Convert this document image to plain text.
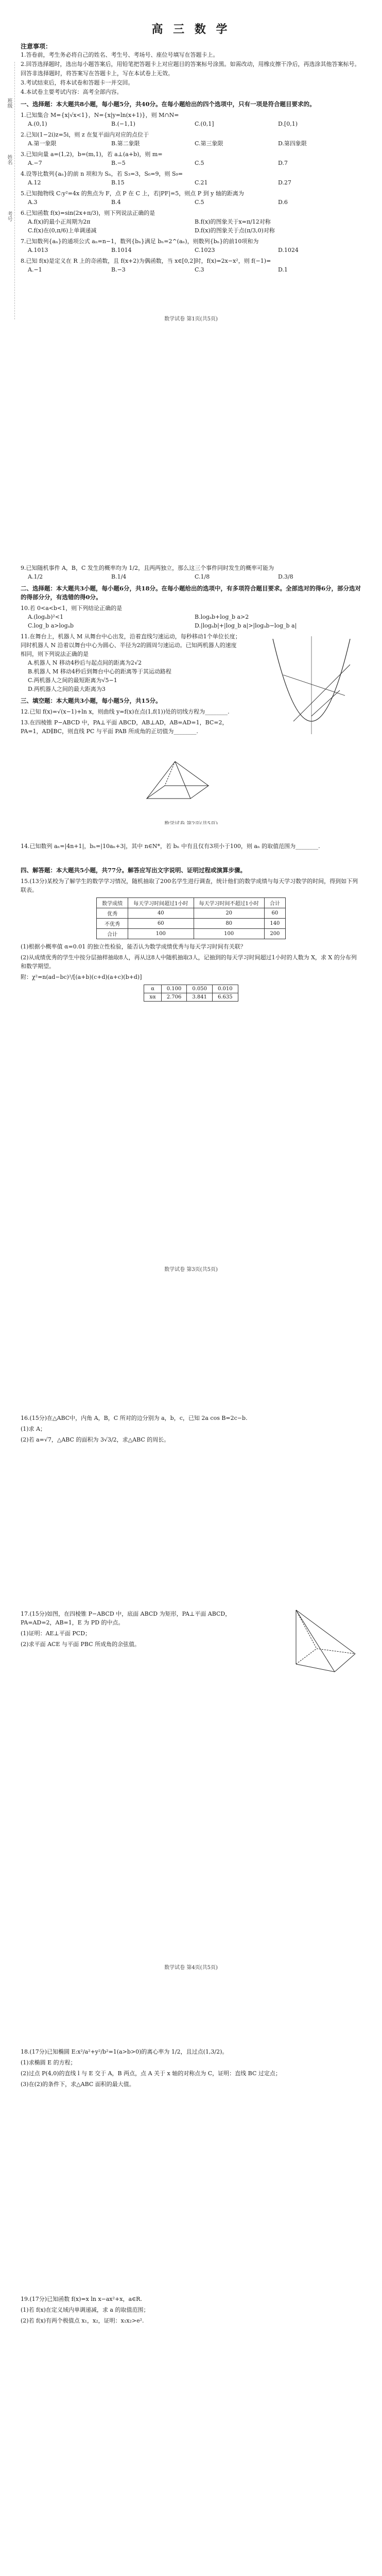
班级
姓名
考号
高 三 数 学
注意事项：
1.答卷前，考生务必将自己的姓名、考生号、考场号、座位号填写在答题卡上。
2.回答选择题时，选出每小题答案后，用铅笔把答题卡上对应题目的答案标号涂黑。如需改动，用橡皮擦干净后，再选涂其他答案标号。回答非选择题时，将答案写在答题卡上，写在本试卷上无效。
3.考试结束后，将本试卷和答题卡一并交回。
4.本试卷主要考试内容：高考全部内容。
一、选择题：本大题共8小题，每小题5分，共40分。在每小题给出的四个选项中，只有一项是符合题目要求的。
1.已知集合 M={x|√x<1}，N={x|y=ln(x+1)}，则 M∩N=
A.(0,1)	B.(−1,1)	C.(0,1]	D.[0,1)
2.已知(1−2i)z=5i，则 z 在复平面内对应的点位于
A.第一象限	B.第二象限	C.第三象限	D.第四象限
3.已知向量 a=(1,2)，b=(m,1)，若 a⊥(a+b)，则 m=
A.−7	B.−5	C.5	D.7
4.设等比数列{aₙ}的前 n 项和为 Sₙ，若 S₃=3，S₆=9，则 S₉=
A.12	B.15	C.21	D.27
5.已知抛物线 C:y²=4x 的焦点为 F，点 P 在 C 上，若|PF|=5，则点 P 到 y 轴的距离为
A.3	B.4	C.5	D.6
6.已知函数 f(x)=sin(2x+π/3)，则下列说法正确的是
A.f(x)的最小正周期为2π	B.f(x)的图象关于x=π/12对称
C.f(x)在(0,π/6)上单调递减	D.f(x)的图象关于点(π/3,0)对称
7.已知数列{aₙ}的通项公式 aₙ=n−1，数列{bₙ}满足 bₙ=2^(aₙ)，则数列{bₙ}的前10项和为
A.1013	B.1014	C.1023	D.1024
8.已知 f(x)是定义在 R 上的奇函数，且 f(x+2)为偶函数，当 x∈[0,2]时，f(x)=2x−x²，则 f(−1)=
A.−1	B.−3	C.3	D.1
数学试卷 第1页(共5页)
9.已知随机事件 A，B，C 发生的概率均为 1/2，且两两独立，那么这三个事件同时发生的概率可能为
A.1/2	B.1/4	C.1/8	D.3/8
二、选择题：本大题共3小题，每小题6分，共18分。在每小题给出的选项中，有多项符合题目要求。全部选对的得6分，部分选对的得部分分，有选错的得0分。
10.若 0<a<b<1，则下列结论正确的是
A.(logₐb)²<1	B.logₐb+log_b a>2
C.log_b a>logₐb	D.|logₐb|+|log_b a|>|logₐb−log_b a|
11.在舞台上，机器人 M 从舞台中心出发，沿着直线匀速运动，每秒移动1个单位长度；同时机器人 N 沿着以舞台中心为圆心、半径为2的圆周匀速运动。已知两机器人的速度相同，则下列说法正确的是
A.机器人 N 移动4秒后与起点间的距离为2√2
B.机器人 M 移动4秒后到舞台中心的距离等于其运动路程
C.两机器人之间的最短距离为√5−1
D.两机器人之间的最大距离为3
三、填空题：本大题共3小题，每小题5分，共15分。
12.已知 f(x)=√(x−1)+ln x，则曲线 y=f(x)在点(1,f(1))处的切线方程为________.
13.在四棱锥 P−ABCD 中，PA⊥平面 ABCD，AB⊥AD，AB=AD=1，BC=2，PA=1，AD∥BC，则直线 PC 与平面 PAB 所成角的正切值为________.
14.已知数列 aₙ=|4n+1|，bₙ=|10aₙ+3|，其中 n∈N*，若 bₙ 中有且仅有3项小于100，则 aₙ 的取值范围为________.
四、解答题：本大题共5小题，共77分。解答应写出文字说明、证明过程或演算步骤。
15.(13分)某校为了解学生的数学学习情况，随机抽取了200名学生进行调查，统计他们的数学成绩与每天学习数学的时间，得到如下列联表。
数学成绩	每天学习时间超过1小时	每天学习时间不超过1小时	合计
优秀	40	20	60
不优秀	60	80	140
合计	100	100	200
(1)根据小概率值 α=0.01 的独立性检验，能否认为数学成绩优秀与每天学习时间有关联？
(2)从成绩优秀的学生中按分层抽样抽取8人，再从这8人中随机抽取3人，记抽到的每天学习时间超过1小时的人数为 X，求 X 的分布列和数学期望。
附：χ²=n(ad−bc)²/[(a+b)(c+d)(a+c)(b+d)]
α	0.100	0.050	0.010
xα	2.706	3.841	6.635
数学试卷 第3页(共5页)
16.(15分)在△ABC中，内角 A，B，C 所对的边分别为 a，b，c，已知 2a cos B=2c−b.
(1)求 A；
(2)若 a=√7，△ABC 的面积为 3√3/2，求△ABC 的周长。
17.(15分)如图，在四棱锥 P−ABCD 中，底面 ABCD 为矩形，PA⊥平面 ABCD，PA=AD=2，AB=1，E 为 PD 的中点。
(1)证明：AE⊥平面 PCD；
(2)求平面 ACE 与平面 PBC 所成角的余弦值。
数学试卷 第4页(共5页)
18.(17分)已知椭圆 E:x²/a²+y²/b²=1(a>b>0)的离心率为 1/2，且过点(1,3/2)。
(1)求椭圆 E 的方程；
(2)过点 P(4,0)的直线 l 与 E 交于 A，B 两点，点 A 关于 x 轴的对称点为 C，证明：直线 BC 过定点；
(3)在(2)的条件下，求△ABC 面积的最大值。
19.(17分)已知函数 f(x)=x ln x−ax²+x，a∈R.
(1)若 f(x)在定义域内单调递减，求 a 的取值范围；
(2)若 f(x)有两个极值点 x₁，x₂，证明：x₁x₂>e².
